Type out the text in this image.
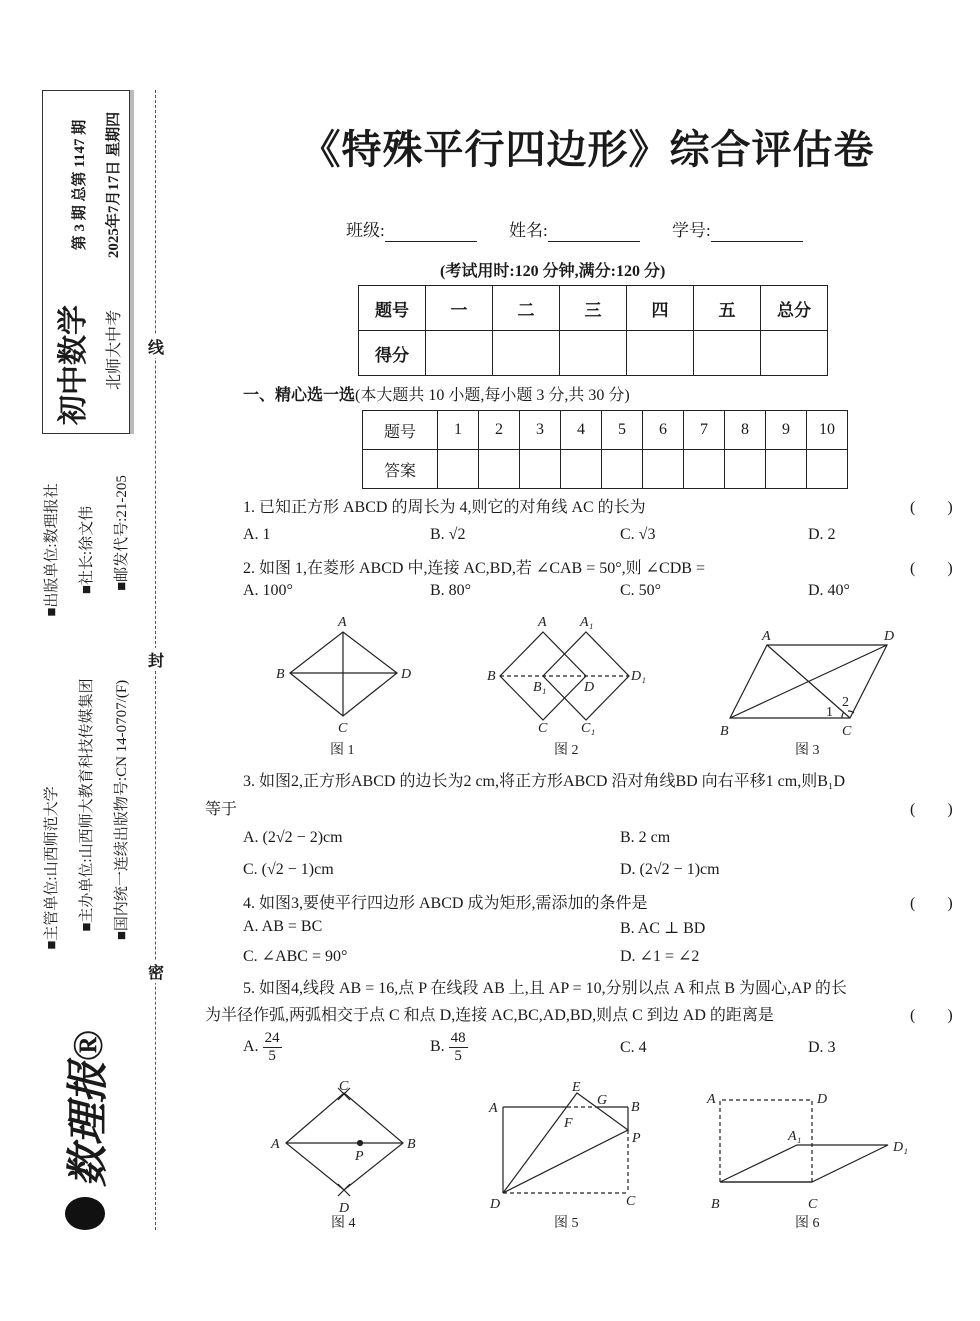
初中数学 北师大中考
第 3 期 总第 1147 期 2025年7月17日 星期四
■主管单位:山西师范大学
■出版单位:数理报社
■主办单位:山西师大教育科技传媒集团
■社长:徐文伟
■国内统一连续出版物号:CN 14-0707/(F)
■邮发代号:21-205
数理报®
线
封
密
《特殊平行四边形》综合评估卷
班级:	姓名:	学号:
(考试用时:120 分钟,满分:120 分)
题号	一	二	三	四	五	总分
得分						
一、精心选一选(本大题共 10 小题,每小题 3 分,共 30 分)
题号	1	2	3	4	5	6	7	8	9	10
答案										
1. 已知正方形 ABCD 的周长为 4,则它的对角线 AC 的长为	(　　)
A. 1	B. √2	C. √3	D. 2
2. 如图 1,在菱形 ABCD 中,连接 AC,BD,若 ∠CAB = 50°,则 ∠CDB =	(　　)
A. 100°	B. 80°	C. 50°	D. 40°
A
B
C
D
图 1
A A₁
B
B₁	D
D₁
C C₁
图 2
A	D
B	C
1
2
图 3
C
A	B
P
D
图 4
E
G
A	B
F
P
D	C
图 5
A	D
A₁
D₁
B	C
图 6
3. 如图2,正方形ABCD 的边长为2 cm,将正方形ABCD 沿对角线BD 向右平移1 cm,则B₁D
等于	(　　)
A. (2√2 − 2)cm	B. 2 cm
C. (√2 − 1)cm	D. (2√2 − 1)cm
4. 如图3,要使平行四边形 ABCD 成为矩形,需添加的条件是	(　　)
A. AB = BC	B. AC ⊥ BD
C. ∠ABC = 90°	D. ∠1 = ∠2
5. 如图4,线段 AB = 16,点 P 在线段 AB 上,且 AP = 10,分别以点 A 和点 B 为圆心,AP 的长
为半径作弧,两弧相交于点 C 和点 D,连接 AC,BC,AD,BD,则点 C 到边 AD 的距离是	(　　)
A. $\frac{24}{5}$	B. $\frac{48}{5}$	C. 4	D. 3
